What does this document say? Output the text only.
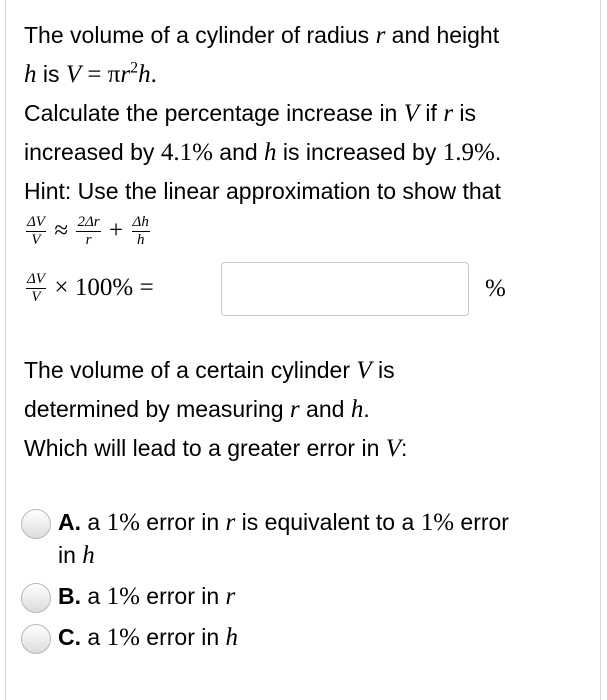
The volume of a cylinder of radius r and height
h is $V = \pi r^2h$.
Calculate the percentage increase in V if r is
increased by 4.1% and h is increased by 1.9%.
Hint: Use the linear approximation to show that
$\frac{\Delta V}{V} \approx \frac{2\Delta r}{r} + \frac{\Delta h}{h}$
$\frac{\Delta V}{V} \times 100\%$ =	%
The volume of a certain cylinder V is
determined by measuring r and h.
Which will lead to a greater error in V:
A. a 1% error in r is equivalent to a 1% error
in h
B. a 1% error in r
C. a 1% error in h
